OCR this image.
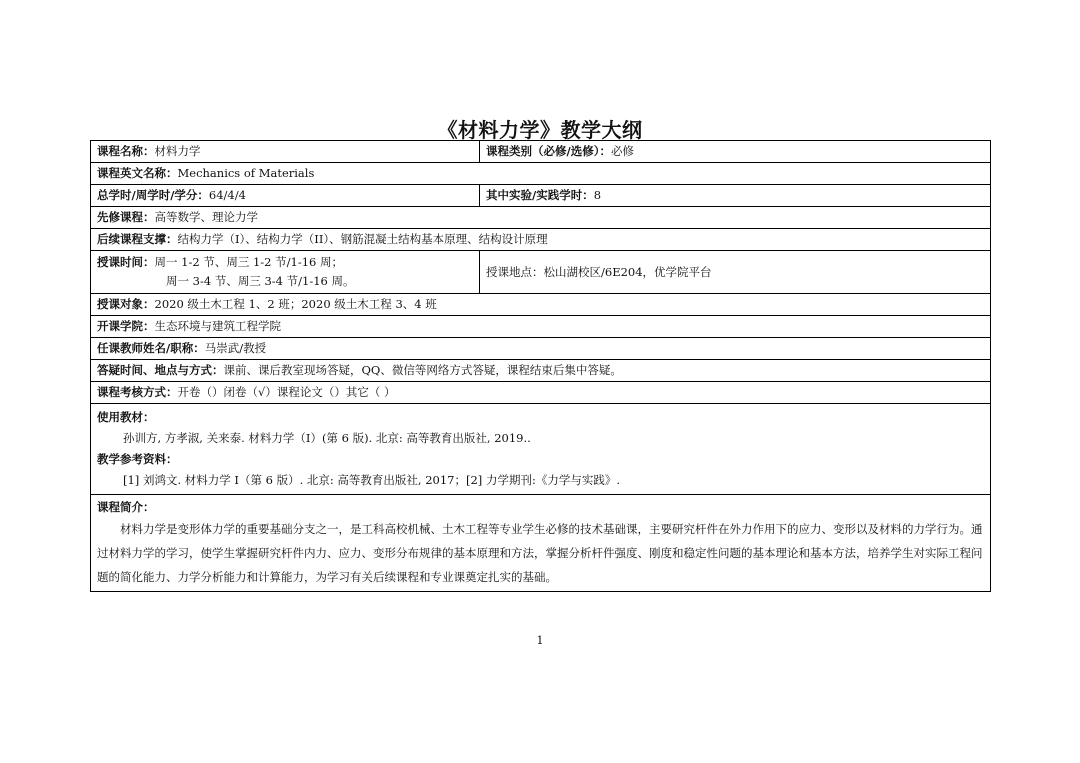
《材料力学》教学大纲
课程名称：材料力学	课程类别（必修/选修）：必修
课程英文名称：Mechanics of Materials	
总学时/周学时/学分：64/4/4	其中实验/实践学时：8
先修课程：高等数学、理论力学	
后续课程支撑：结构力学（I）、结构力学（II）、钢筋混凝土结构基本原理、结构设计原理	

授课时间：周一 1-2 节、周三 1-2 节/1-16 周；
周一 3-4 节、周三 3-4 节/1-16 周。	授课地点：松山湖校区/6E204，优学院平台
授课对象：2020 级土木工程 1、2 班；2020 级土木工程 3、4 班	
开课学院：生态环境与建筑工程学院	
任课教师姓名/职称：马崇武/教授	
答疑时间、地点与方式：课前、课后教室现场答疑，QQ、微信等网络方式答疑，课程结束后集中答疑。	
课程考核方式：开卷（）闭卷（√）课程论文（）其它（ ）	

使用教材：
孙训方, 方孝淑, 关来泰. 材料力学（I）(第 6 版). 北京: 高等教育出版社, 2019..
教学参考资料：
[1] 刘鸿文. 材料力学 I（第 6 版）. 北京: 高等教育出版社, 2017；[2] 力学期刊:《力学与实践》.	

课程简介：
材料力学是变形体力学的重要基础分支之一，是工科高校机械、土木工程等专业学生必修的技术基础课，主要研究杆件在外力作用下的应力、变形以及材料的力学行为。通过材料力学的学习，使学生掌握研究杆件内力、应力、变形分布规律的基本原理和方法，掌握分析杆件强度、刚度和稳定性问题的基本理论和基本方法，培养学生对实际工程问题的简化能力、力学分析能力和计算能力，为学习有关后续课程和专业课奠定扎实的基础。	
1
